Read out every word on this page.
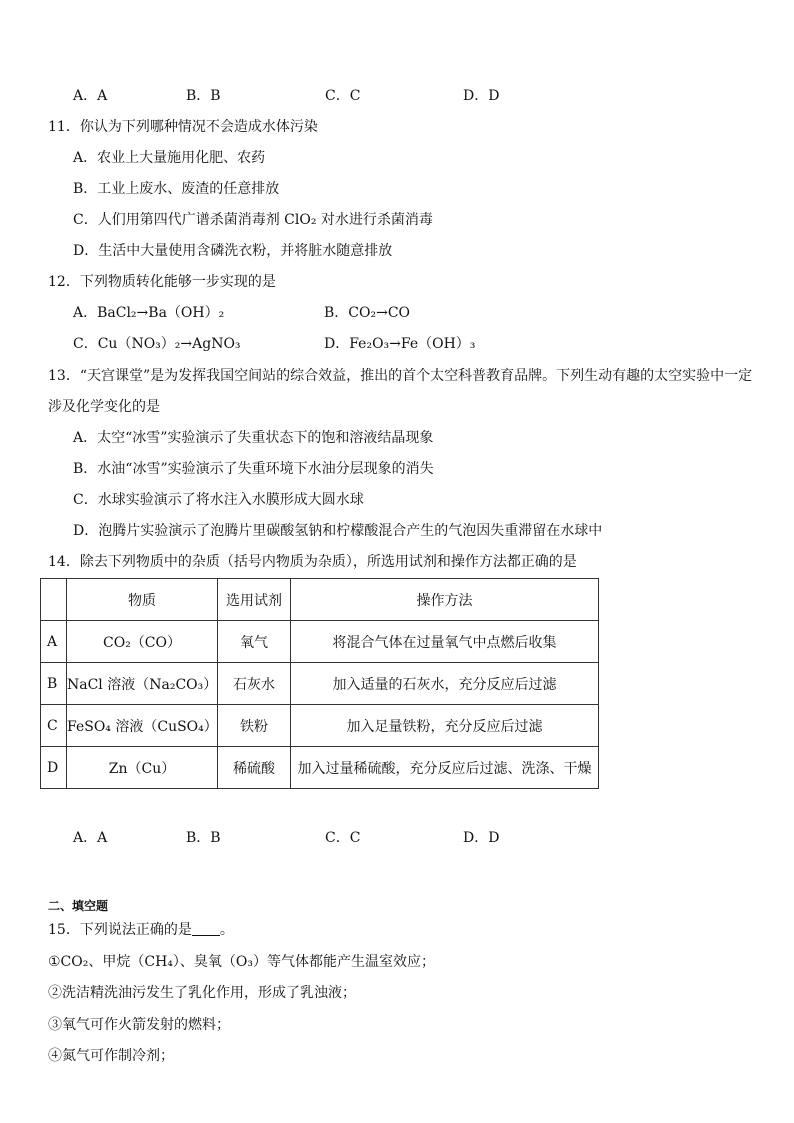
A．A	B．B	C．C	D．D
11．你认为下列哪种情况不会造成水体污染
A．农业上大量施用化肥、农药
B．工业上废水、废渣的任意排放
C．人们用第四代广谱杀菌消毒剂 ClO₂ 对水进行杀菌消毒
D．生活中大量使用含磷洗衣粉，并将脏水随意排放
12．下列物质转化能够一步实现的是
A．BaCl₂→Ba（OH）₂	B．CO₂→CO
C．Cu（NO₃）₂→AgNO₃	D．Fe₂O₃→Fe（OH）₃
13．“天宫课堂”是为发挥我国空间站的综合效益，推出的首个太空科普教育品牌。下列生动有趣的太空实验中一定
涉及化学变化的是
A．太空“冰雪”实验演示了失重状态下的饱和溶液结晶现象
B．水油“冰雪”实验演示了失重环境下水油分层现象的消失
C．水球实验演示了将水注入水膜形成大圆水球
D．泡腾片实验演示了泡腾片里碳酸氢钠和柠檬酸混合产生的气泡因失重滞留在水球中
14．除去下列物质中的杂质（括号内物质为杂质），所选用试剂和操作方法都正确的是
	物质	选用试剂	操作方法
A	CO₂（CO）	氧气	将混合气体在过量氧气中点燃后收集
B	NaCl 溶液（Na₂CO₃）	石灰水	加入适量的石灰水，充分反应后过滤
C	FeSO₄ 溶液（CuSO₄）	铁粉	加入足量铁粉，充分反应后过滤
D	Zn（Cu）	稀硫酸	加入过量稀硫酸，充分反应后过滤、洗涤、干燥
A．A	B．B	C．C	D．D
二、填空题
15．下列说法正确的是 。
①CO₂、甲烷（CH₄）、臭氧（O₃）等气体都能产生温室效应；
②洗洁精洗油污发生了乳化作用，形成了乳浊液；
③氧气可作火箭发射的燃料；
④氮气可作制冷剂；
